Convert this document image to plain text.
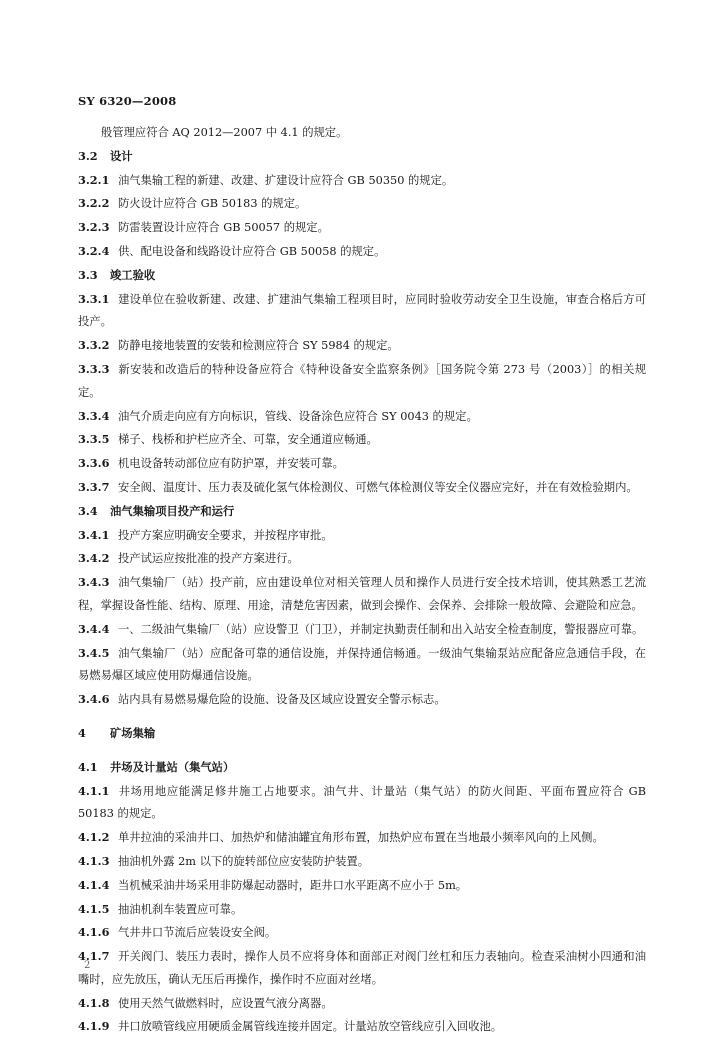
SY 6320—2008

般管理应符合 AQ 2012—2007 中 4.1 的规定。

3.2 设计

3.2.1 油气集输工程的新建、改建、扩建设计应符合 GB 50350 的规定。

3.2.2 防火设计应符合 GB 50183 的规定。

3.2.3 防雷装置设计应符合 GB 50057 的规定。

3.2.4 供、配电设备和线路设计应符合 GB 50058 的规定。

3.3 竣工验收

3.3.1 建设单位在验收新建、改建、扩建油气集输工程项目时，应同时验收劳动安全卫生设施，审查合格后方可投产。

3.3.2 防静电接地装置的安装和检测应符合 SY 5984 的规定。

3.3.3 新安装和改造后的特种设备应符合《特种设备安全监察条例》［国务院令第 273 号（2003）］的相关规定。

3.3.4 油气介质走向应有方向标识，管线、设备涂色应符合 SY 0043 的规定。

3.3.5 梯子、栈桥和护栏应齐全、可靠，安全通道应畅通。

3.3.6 机电设备转动部位应有防护罩，并安装可靠。

3.3.7 安全阀、温度计、压力表及硫化氢气体检测仪、可燃气体检测仪等安全仪器应完好，并在有效检验期内。

3.4 油气集输项目投产和运行

3.4.1 投产方案应明确安全要求，并按程序审批。

3.4.2 投产试运应按批准的投产方案进行。

3.4.3 油气集输厂（站）投产前，应由建设单位对相关管理人员和操作人员进行安全技术培训，使其熟悉工艺流程，掌握设备性能、结构、原理、用途，清楚危害因素，做到会操作、会保养、会排除一般故障、会避险和应急。

3.4.4 一、二级油气集输厂（站）应设警卫（门卫），并制定执勤责任制和出入站安全检查制度，警报器应可靠。

3.4.5 油气集输厂（站）应配备可靠的通信设施，并保持通信畅通。一级油气集输泵站应配备应急通信手段，在易燃易爆区域应使用防爆通信设施。

3.4.6 站内具有易燃易爆危险的设施、设备及区域应设置安全警示标志。

4 矿场集输

4.1 井场及计量站（集气站）

4.1.1 井场用地应能满足修井施工占地要求。油气井、计量站（集气站）的防火间距、平面布置应符合 GB 50183 的规定。

4.1.2 单井拉油的采油井口、加热炉和储油罐宜角形布置，加热炉应布置在当地最小频率风向的上风侧。

4.1.3 抽油机外露 2m 以下的旋转部位应安装防护装置。

4.1.4 当机械采油井场采用非防爆起动器时，距井口水平距离不应小于 5m。

4.1.5 抽油机刹车装置应可靠。

4.1.6 气井井口节流后应装设安全阀。

4.1.7 开关阀门、装压力表时，操作人员不应将身体和面部正对阀门丝杠和压力表轴向。检查采油树小四通和油嘴时，应先放压，确认无压后再操作，操作时不应面对丝堵。

4.1.8 使用天然气做燃料时，应设置气液分离器。

4.1.9 井口放喷管线应用硬质金属管线连接并固定。计量站放空管线应引入回收池。

2
